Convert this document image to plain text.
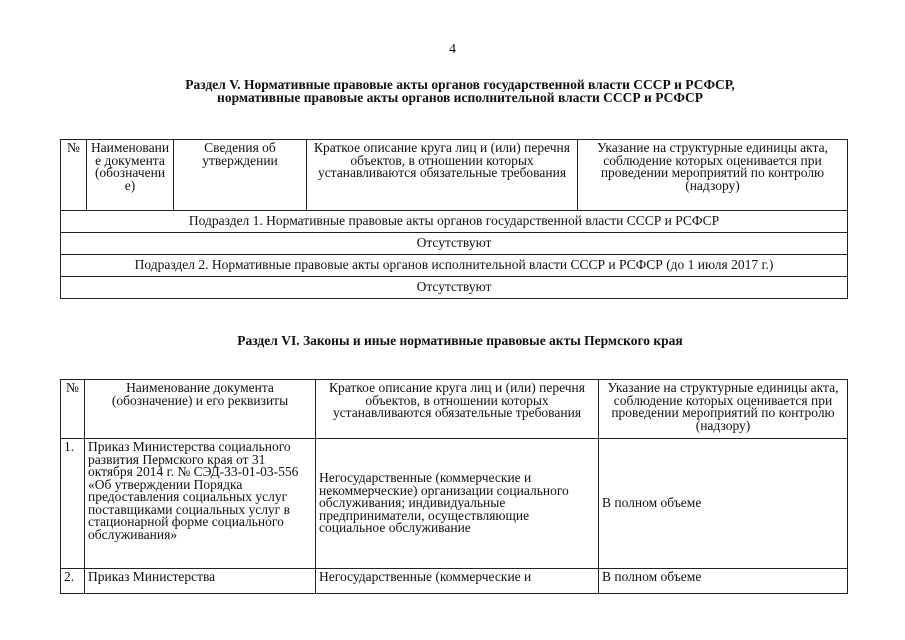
4
Раздел V. Нормативные правовые акты органов государственной власти СССР и РСФСР, нормативные правовые акты органов исполнительной власти СССР и РСФСР
№	Наименование документа (обозначение)	Сведения об утверждении	Краткое описание круга лиц и (или) перечня объектов, в отношении которых устанавливаются обязательные требования	Указание на структурные единицы акта, соблюдение которых оценивается при проведении мероприятий по контролю (надзору)
Подраздел 1. Нормативные правовые акты органов государственной власти СССР и РСФСР
Отсутствуют
Подраздел 2. Нормативные правовые акты органов исполнительной власти СССР и РСФСР (до 1 июля 2017 г.)
Отсутствуют
Раздел VI. Законы и иные нормативные правовые акты Пермского края
№	Наименование документа (обозначение) и его реквизиты	Краткое описание круга лиц и (или) перечня объектов, в отношении которых устанавливаются обязательные требования	Указание на структурные единицы акта, соблюдение которых оценивается при проведении мероприятий по контролю (надзору)
1.	Приказ Министерства социального развития Пермского края от 31 октября 2014 г. № СЭД-33-01-03-556 «Об утверждении Порядка предоставления социальных услуг поставщиками социальных услуг в стационарной форме социального обслуживания»	Негосударственные (коммерческие и некоммерческие) организации социального обслуживания; индивидуальные предприниматели, осуществляющие социальное обслуживание	В полном объеме
2.	Приказ Министерства	Негосударственные (коммерческие и	В полном объеме
